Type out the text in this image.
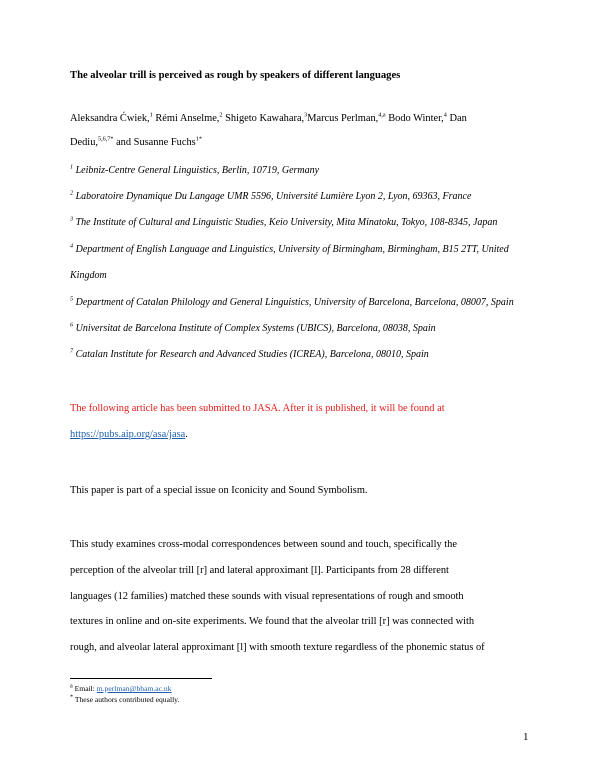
The alveolar trill is perceived as rough by speakers of different languages
Aleksandra Ćwiek,$^1$ Rémi Anselme,$^2$ Shigeto Kawahara,$^3$Marcus Perlman,$^{4,a}$ Bodo Winter,$^4$ Dan
Dediu,$^{5,6,7*}$ and Susanne Fuchs$^{1*}$
$^1$ Leibniz-Centre General Linguistics, Berlin, 10719, Germany
$^2$ Laboratoire Dynamique Du Langage UMR 5596, Université Lumière Lyon 2, Lyon, 69363, France
$^3$ The Institute of Cultural and Linguistic Studies, Keio University, Mita Minatoku, Tokyo, 108-8345, Japan
$^4$ Department of English Language and Linguistics, University of Birmingham, Birmingham, B15 2TT, United
Kingdom
$^5$ Department of Catalan Philology and General Linguistics, University of Barcelona, Barcelona, 08007, Spain
$^6$ Universitat de Barcelona Institute of Complex Systems (UBICS), Barcelona, 08038, Spain
$^7$ Catalan Institute for Research and Advanced Studies (ICREA), Barcelona, 08010, Spain
The following article has been submitted to JASA. After it is published, it will be found at
https://pubs.aip.org/asa/jasa.
This paper is part of a special issue on Iconicity and Sound Symbolism.
This study examines cross-modal correspondences between sound and touch, specifically the
perception of the alveolar trill [r] and lateral approximant [l]. Participants from 28 different
languages (12 families) matched these sounds with visual representations of rough and smooth
textures in online and on-site experiments. We found that the alveolar trill [r] was connected with
rough, and alveolar lateral approximant [l] with smooth texture regardless of the phonemic status of
$^a$ Email: m.perlman@bham.ac.uk
* These authors contributed equally.
1
